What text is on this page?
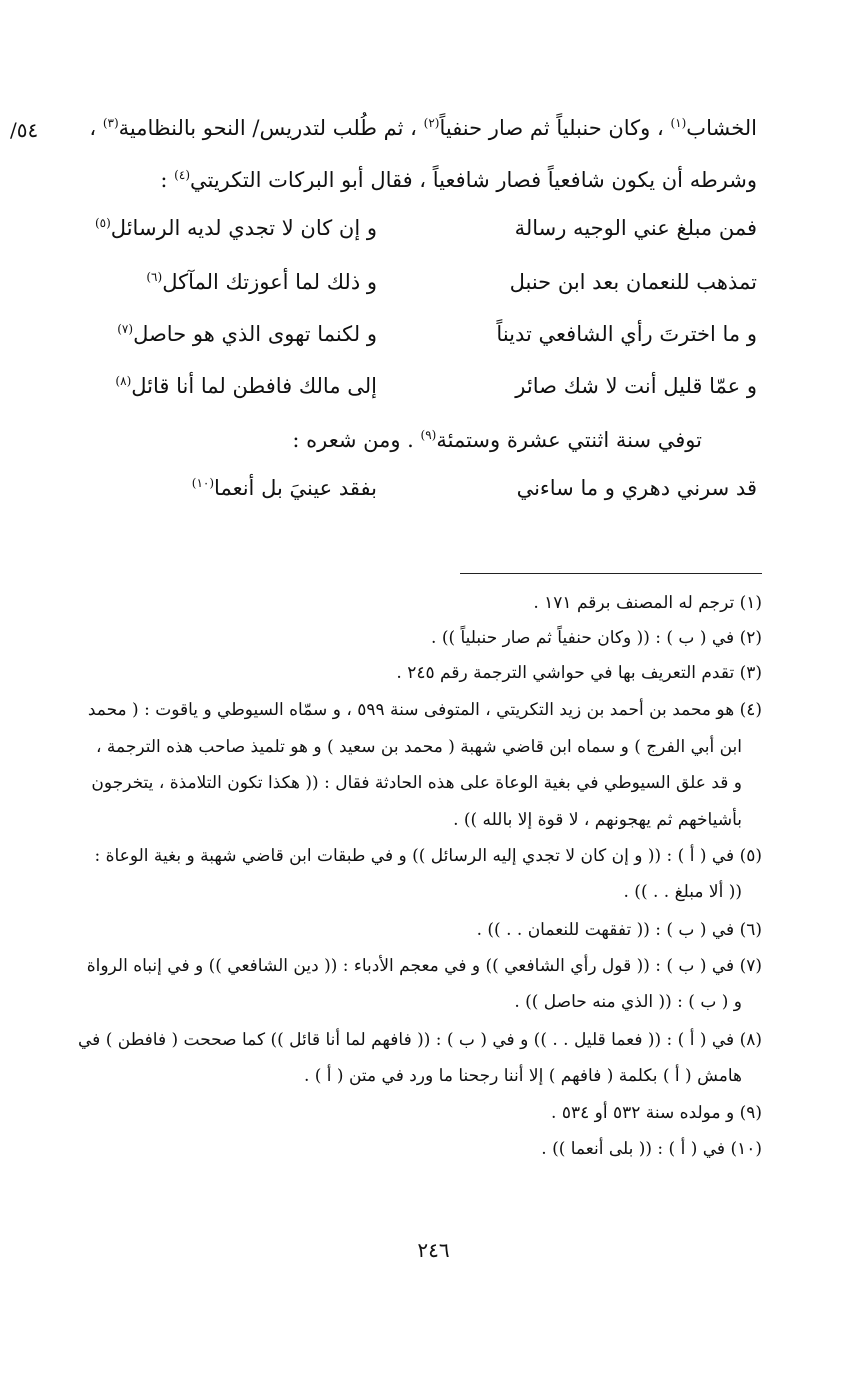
الخشاب$^{(١)}$ ، وكان حنبلياً ثم صار حنفياً$^{(٢)}$ ، ثم طُلب لتدريس/ النحو بالنظامية$^{(٣)}$ ،
٥٤/
وشرطه أن يكون شافعياً فصار شافعياً ، فقال أبو البركات التكريتي$^{(٤)}$ :
فمن مبلغ عني الوجيه رسالة
و إن كان لا تجدي لديه الرسائل$^{(٥)}$
تمذهب للنعمان بعد ابن حنبل
و ذلك لما أعوزتك المآكل$^{(٦)}$
و ما اخترتَ رأي الشافعي تديناً
و لكنما تهوى الذي هو حاصل$^{(٧)}$
و عمّا قليل أنت لا شك صائر
إلى مالك فافطن لما أنا قائل$^{(٨)}$
توفي سنة اثنتي عشرة وستمئة$^{(٩)}$ . ومن شعره :
قد سرني دهري و ما ساءني
بفقد عينيَ بل أنعما$^{(١٠)}$
(١) ترجم له المصنف برقم ١٧١ .
(٢) في ( ب ) : (( وكان حنفياً ثم صار حنبلياً )) .
(٣) تقدم التعريف بها في حواشي الترجمة رقم ٢٤٥ .
(٤) هو محمد بن أحمد بن زيد التكريتي ، المتوفى سنة ٥٩٩ ، و سمّاه السيوطي و ياقوت : ( محمد
ابن أبي الفرج ) و سماه ابن قاضي شهبة ( محمد بن سعيد ) و هو تلميذ صاحب هذه الترجمة ،
و قد علق السيوطي في بغية الوعاة على هذه الحادثة فقال : (( هكذا تكون التلامذة ، يتخرجون
بأشياخهم ثم يهجونهم ، لا قوة إلا بالله )) .
(٥) في ( أ ) : (( و إن كان لا تجدي إليه الرسائل )) و في طبقات ابن قاضي شهبة و بغية الوعاة :
(( ألا مبلغ . . )) .
(٦) في ( ب ) : (( تفقهت للنعمان . . )) .
(٧) في ( ب ) : (( قول رأي الشافعي )) و في معجم الأدباء : (( دين الشافعي )) و في إنباه الرواة
و ( ب ) : (( الذي منه حاصل )) .
(٨) في ( أ ) : (( فعما قليل . . )) و في ( ب ) : (( فافهم لما أنا قائل )) كما صححت ( فافطن ) في
هامش ( أ ) بكلمة ( فافهم ) إلا أننا رجحنا ما ورد في متن ( أ ) .
(٩) و مولده سنة ٥٣٢ أو ٥٣٤ .
(١٠) في ( أ ) : (( بلى أنعما )) .
٢٤٦
